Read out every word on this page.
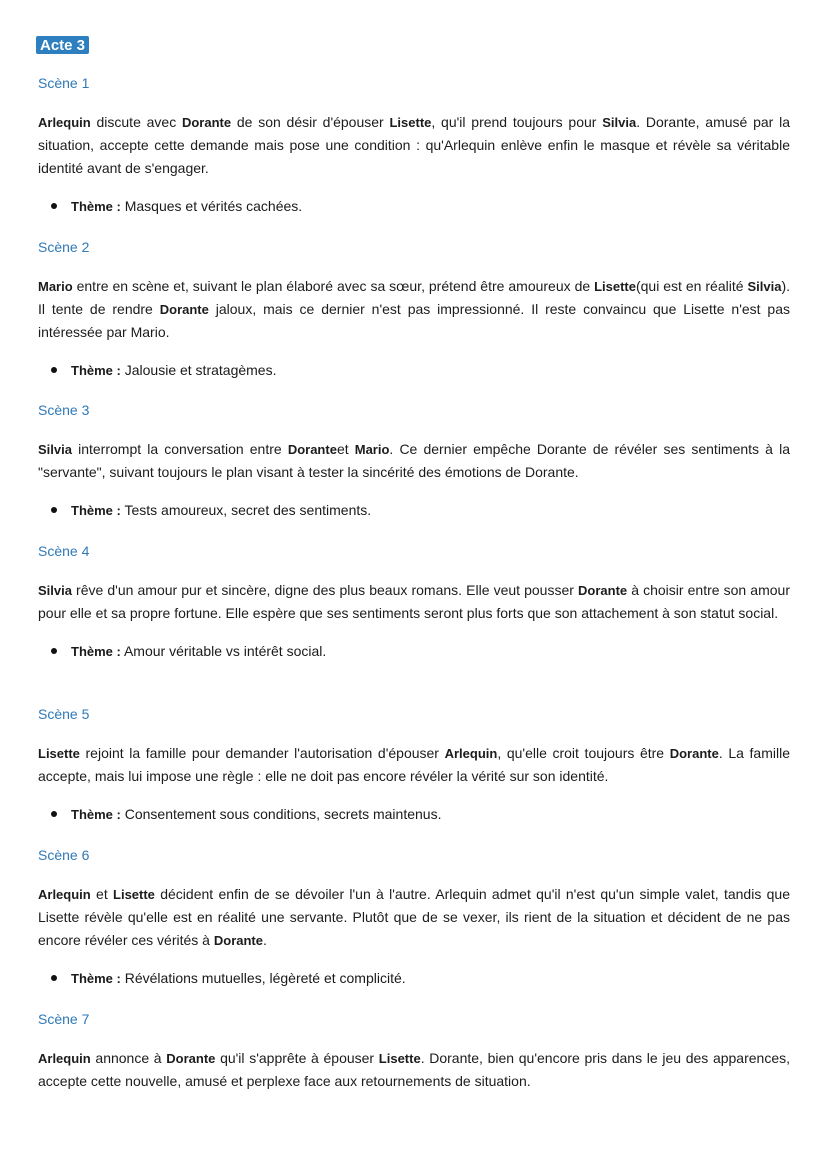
Acte 3

Scène 1

Arlequin discute avec Dorante de son désir d'épouser Lisette, qu'il prend toujours pour Silvia. Dorante, amusé par la situation, accepte cette demande mais pose une condition : qu'Arlequin enlève enfin le masque et révèle sa véritable identité avant de s'engager.

Thème : Masques et vérités cachées.

Scène 2

Mario entre en scène et, suivant le plan élaboré avec sa sœur, prétend être amoureux de Lisette(qui est en réalité Silvia). Il tente de rendre Dorante jaloux, mais ce dernier n'est pas impressionné. Il reste convaincu que Lisette n'est pas intéressée par Mario.

Thème : Jalousie et stratagèmes.

Scène 3

Silvia interrompt la conversation entre Doranteet Mario. Ce dernier empêche Dorante de révéler ses sentiments à la "servante", suivant toujours le plan visant à tester la sincérité des émotions de Dorante.

Thème : Tests amoureux, secret des sentiments.

Scène 4

Silvia rêve d'un amour pur et sincère, digne des plus beaux romans. Elle veut pousser Dorante à choisir entre son amour pour elle et sa propre fortune. Elle espère que ses sentiments seront plus forts que son attachement à son statut social.

Thème : Amour véritable vs intérêt social.

Scène 5

Lisette rejoint la famille pour demander l'autorisation d'épouser Arlequin, qu'elle croit toujours être Dorante. La famille accepte, mais lui impose une règle : elle ne doit pas encore révéler la vérité sur son identité.

Thème : Consentement sous conditions, secrets maintenus.

Scène 6

Arlequin et Lisette décident enfin de se dévoiler l'un à l'autre. Arlequin admet qu'il n'est qu'un simple valet, tandis que Lisette révèle qu'elle est en réalité une servante. Plutôt que de se vexer, ils rient de la situation et décident de ne pas encore révéler ces vérités à Dorante.

Thème : Révélations mutuelles, légèreté et complicité.

Scène 7

Arlequin annonce à Dorante qu'il s'apprête à épouser Lisette. Dorante, bien qu'encore pris dans le jeu des apparences, accepte cette nouvelle, amusé et perplexe face aux retournements de situation.
